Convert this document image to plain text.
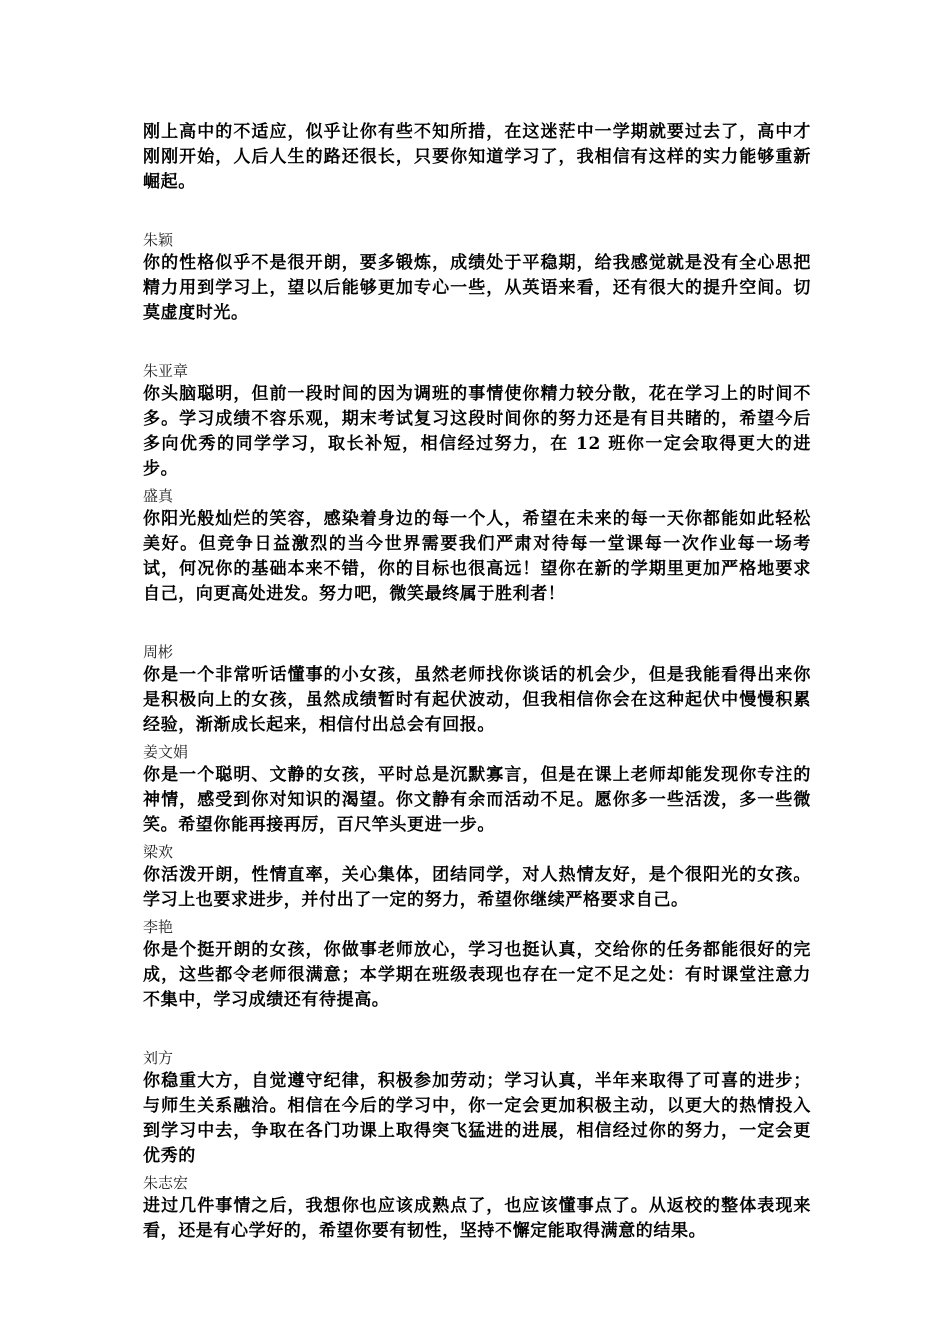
刚上高中的不适应，似乎让你有些不知所措，在这迷茫中一学期就要过去了，高中才刚刚开始，人后人生的路还很长，只要你知道学习了，我相信有这样的实力能够重新崛起。

朱颖

你的性格似乎不是很开朗，要多锻炼，成绩处于平稳期，给我感觉就是没有全心思把精力用到学习上，望以后能够更加专心一些，从英语来看，还有很大的提升空间。切莫虚度时光。

朱亚章

你头脑聪明，但前一段时间的因为调班的事情使你精力较分散，花在学习上的时间不多。学习成绩不容乐观，期末考试复习这段时间你的努力还是有目共睹的，希望今后多向优秀的同学学习，取长补短，相信经过努力，在 12 班你一定会取得更大的进步。

盛真

你阳光般灿烂的笑容，感染着身边的每一个人，希望在未来的每一天你都能如此轻松美好。但竞争日益激烈的当今世界需要我们严肃对待每一堂课每一次作业每一场考试，何况你的基础本来不错，你的目标也很高远！望你在新的学期里更加严格地要求自己，向更高处进发。努力吧，微笑最终属于胜利者！

周彬

你是一个非常听话懂事的小女孩，虽然老师找你谈话的机会少，但是我能看得出来你是积极向上的女孩，虽然成绩暂时有起伏波动，但我相信你会在这种起伏中慢慢积累经验，渐渐成长起来，相信付出总会有回报。

姜文娟

你是一个聪明、文静的女孩，平时总是沉默寡言，但是在课上老师却能发现你专注的神情，感受到你对知识的渴望。你文静有余而活动不足。愿你多一些活泼，多一些微笑。希望你能再接再厉，百尺竿头更进一步。

梁欢

你活泼开朗，性情直率，关心集体，团结同学，对人热情友好，是个很阳光的女孩。学习上也要求进步，并付出了一定的努力，希望你继续严格要求自己。

李艳

你是个挺开朗的女孩，你做事老师放心，学习也挺认真，交给你的任务都能很好的完成，这些都令老师很满意；本学期在班级表现也存在一定不足之处：有时课堂注意力不集中，学习成绩还有待提高。

刘方

你稳重大方，自觉遵守纪律，积极参加劳动；学习认真，半年来取得了可喜的进步；与师生关系融洽。相信在今后的学习中，你一定会更加积极主动，以更大的热情投入到学习中去，争取在各门功课上取得突飞猛进的进展，相信经过你的努力，一定会更优秀的

朱志宏

进过几件事情之后，我想你也应该成熟点了，也应该懂事点了。从返校的整体表现来看，还是有心学好的，希望你要有韧性，坚持不懈定能取得满意的结果。
